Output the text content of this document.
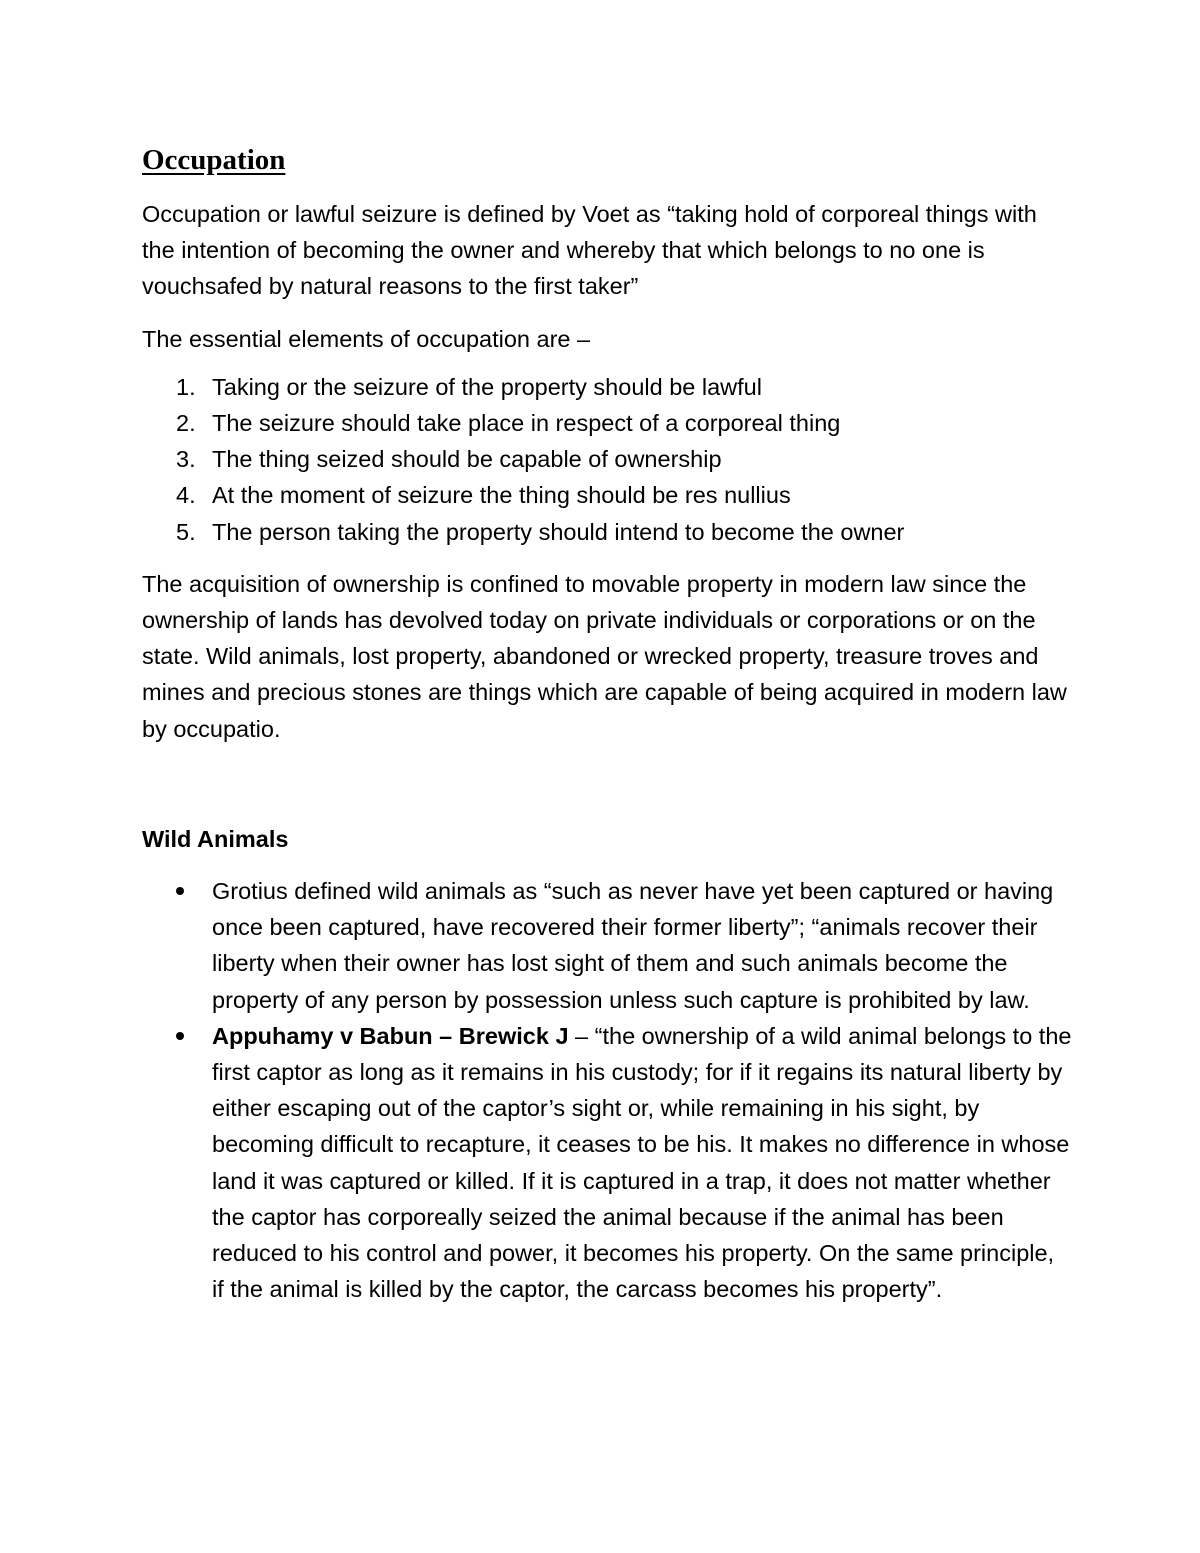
Occupation

Occupation or lawful seizure is defined by Voet as “taking hold of corporeal things with the intention of becoming the owner and whereby that which belongs to no one is vouchsafed by natural reasons to the first taker”

The essential elements of occupation are –

1. Taking or the seizure of the property should be lawful
2. The seizure should take place in respect of a corporeal thing
3. The thing seized should be capable of ownership
4. At the moment of seizure the thing should be res nullius
5. The person taking the property should intend to become the owner

The acquisition of ownership is confined to movable property in modern law since the ownership of lands has devolved today on private individuals or corporations or on the state. Wild animals, lost property, abandoned or wrecked property, treasure troves and mines and precious stones are things which are capable of being acquired in modern law by occupatio.

Wild Animals

Grotius defined wild animals as “such as never have yet been captured or having once been captured, have recovered their former liberty”; “animals recover their liberty when their owner has lost sight of them and such animals become the property of any person by possession unless such capture is prohibited by law.
Appuhamy v Babun – Brewick J – “the ownership of a wild animal belongs to the first captor as long as it remains in his custody; for if it regains its natural liberty by either escaping out of the captor’s sight or, while remaining in his sight, by becoming difficult to recapture, it ceases to be his. It makes no difference in whose land it was captured or killed. If it is captured in a trap, it does not matter whether the captor has corporeally seized the animal because if the animal has been reduced to his control and power, it becomes his property. On the same principle, if the animal is killed by the captor, the carcass becomes his property”.
